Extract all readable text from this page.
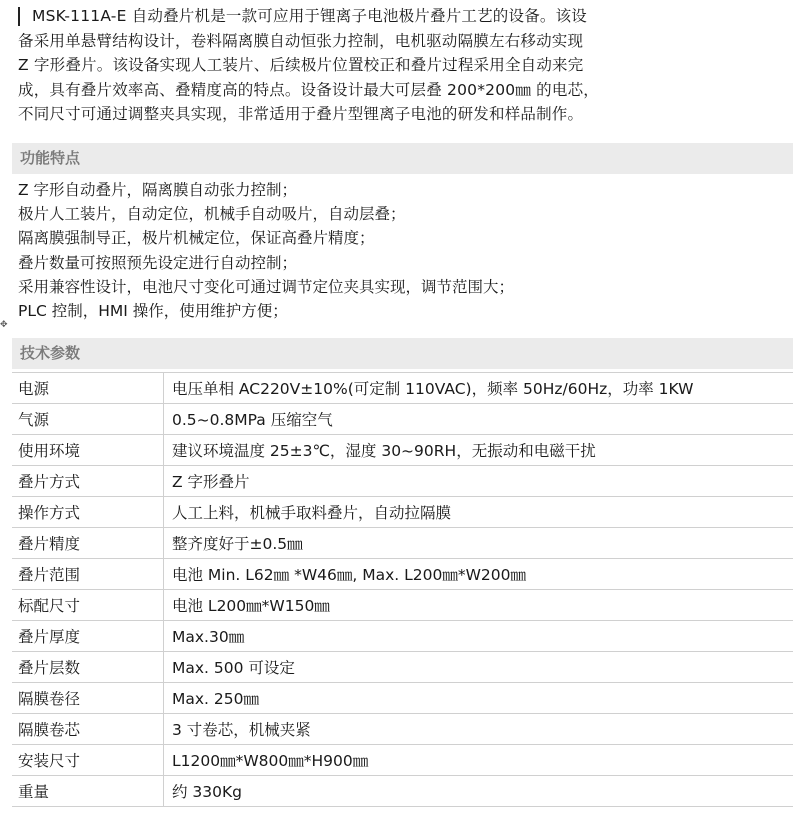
MSK-111A-E 自动叠片机是一款可应用于锂离子电池极片叠片工艺的设备。该设
备采用单悬臂结构设计，卷料隔离膜自动恒张力控制，电机驱动隔膜左右移动实现
Z 字形叠片。该设备实现人工装片、后续极片位置校正和叠片过程采用全自动来完
成，具有叠片效率高、叠精度高的特点。设备设计最大可层叠 200*200㎜ 的电芯，
不同尺寸可通过调整夹具实现，非常适用于叠片型锂离子电池的研发和样品制作。
功能特点
Z 字形自动叠片，隔离膜自动张力控制；
极片人工装片，自动定位，机械手自动吸片，自动层叠；
隔离膜强制导正，极片机械定位，保证高叠片精度；
叠片数量可按照预先设定进行自动控制；
采用兼容性设计，电池尺寸变化可通过调节定位夹具实现，调节范围大；
PLC 控制，HMI 操作，使用维护方便；
✥
技术参数
电源	电压单相 AC220V±10%(可定制 110VAC)，频率 50Hz/60Hz，功率 1KW
气源	0.5~0.8MPa 压缩空气
使用环境	建议环境温度 25±3℃，湿度 30~90RH，无振动和电磁干扰
叠片方式	Z 字形叠片
操作方式	人工上料，机械手取料叠片，自动拉隔膜
叠片精度	整齐度好于±0.5㎜
叠片范围	电池 Min. L62㎜ *W46㎜, Max. L200㎜*W200㎜
标配尺寸	电池 L200㎜*W150㎜
叠片厚度	Max.30㎜
叠片层数	Max. 500 可设定
隔膜卷径	Max. 250㎜
隔膜卷芯	3 寸卷芯，机械夹紧
安装尺寸	L1200㎜*W800㎜*H900㎜
重量	约 330Kg
